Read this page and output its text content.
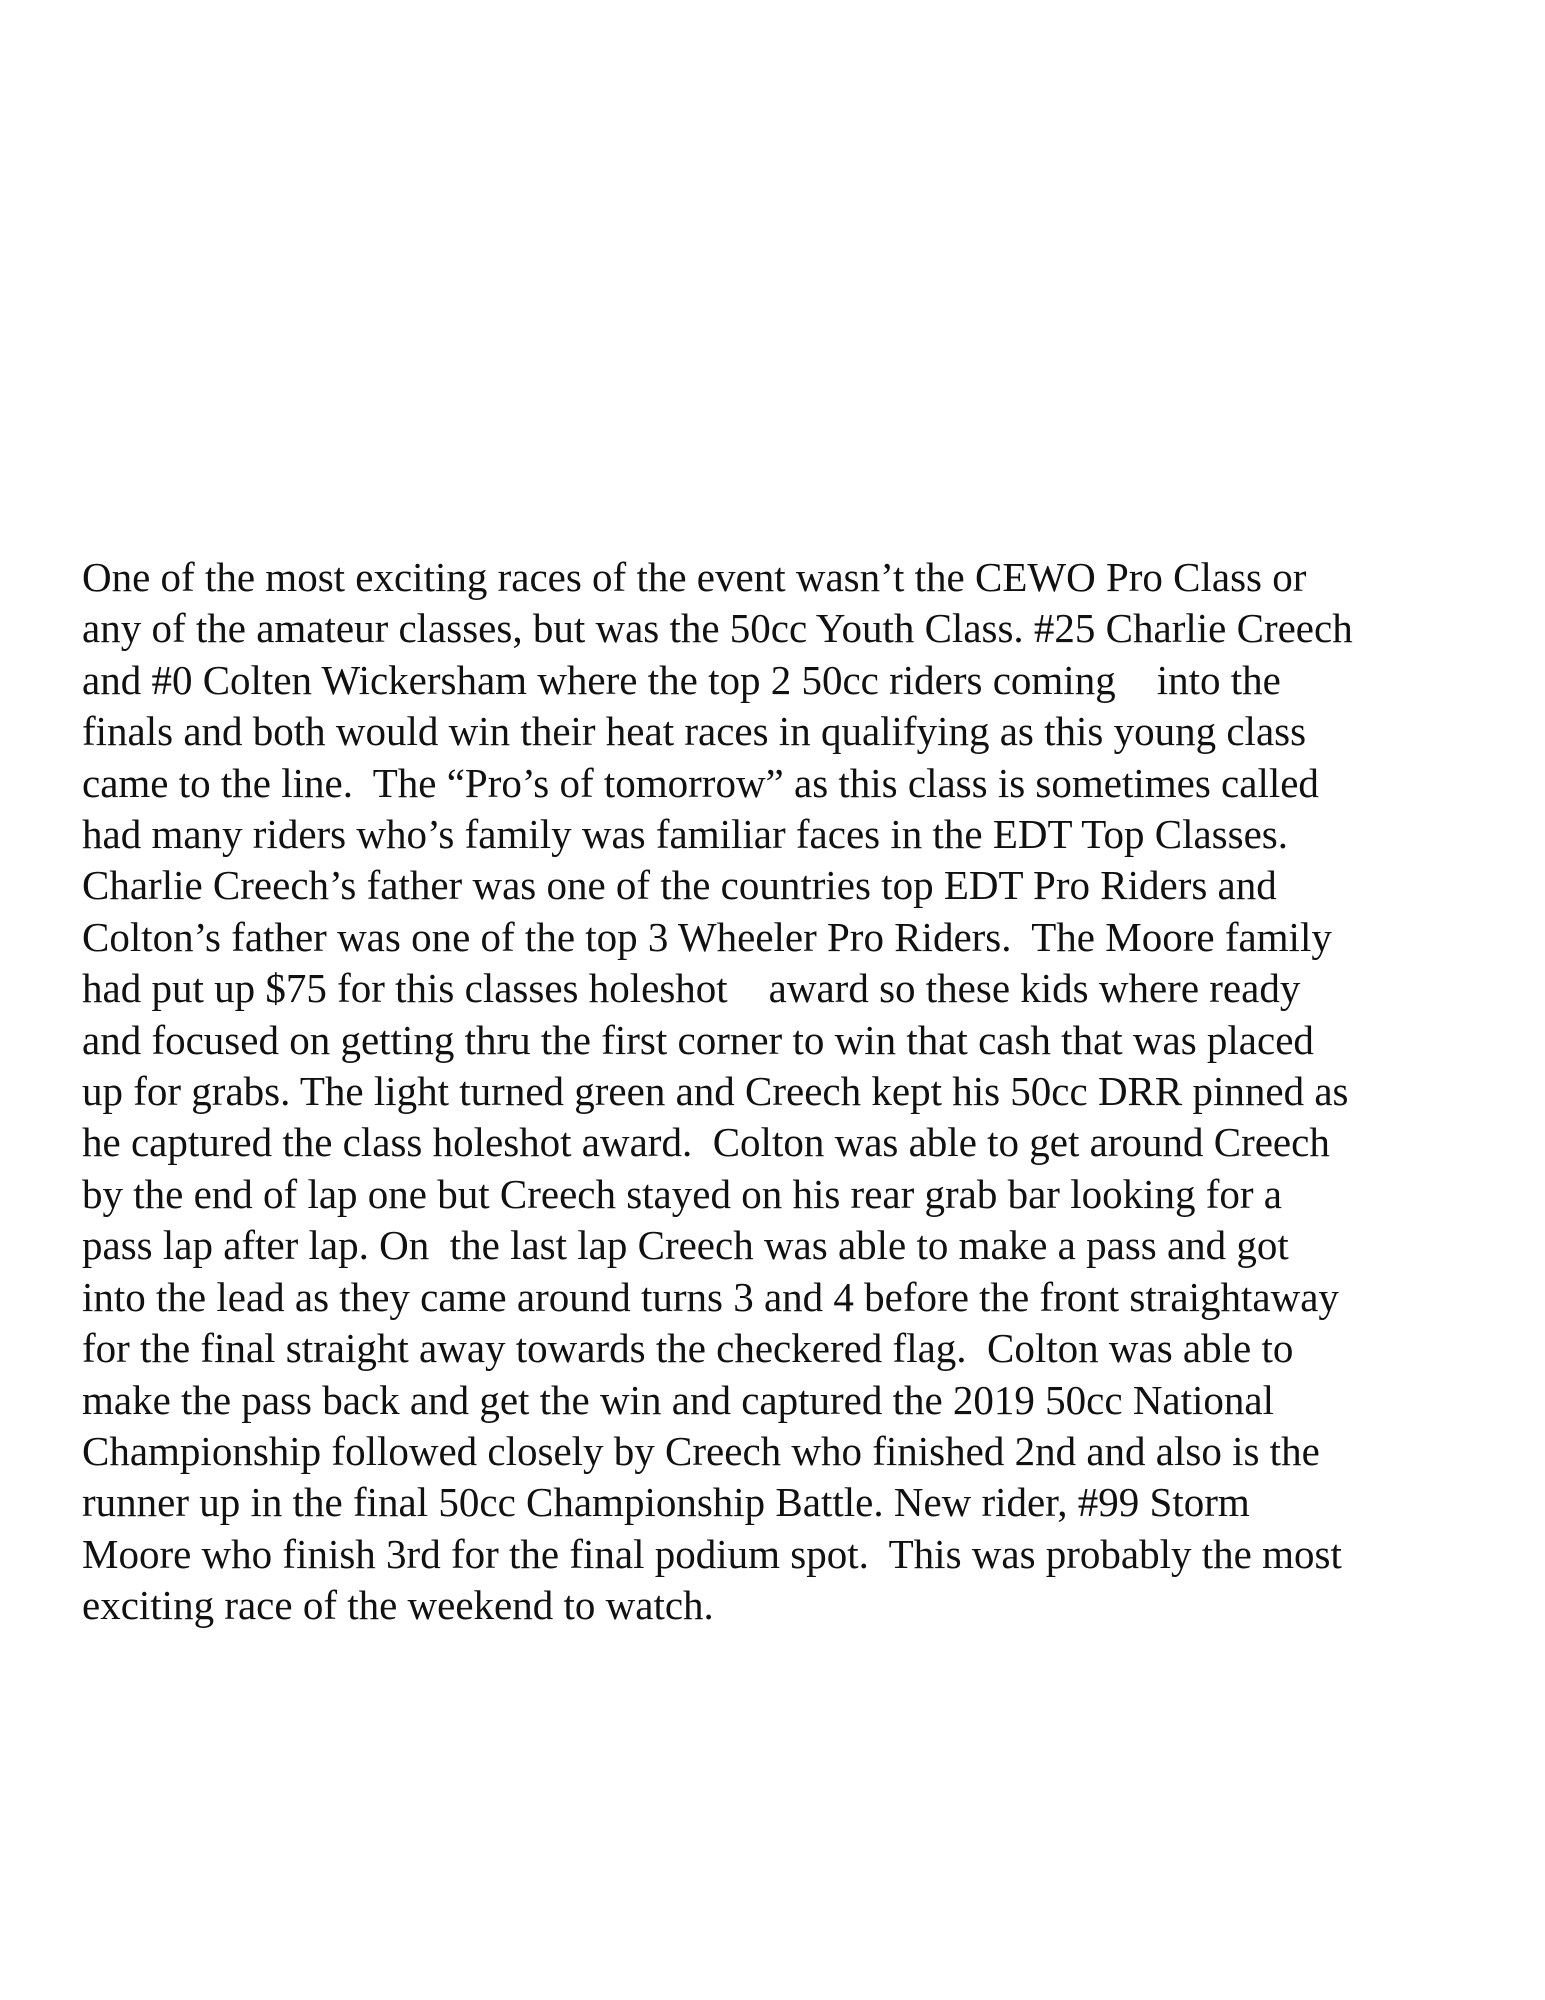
One of the most exciting races of the event wasn’t the CEWO Pro Class or
any of the amateur classes, but was the 50cc Youth Class. #25 Charlie Creech
and #0 Colten Wickersham where the top 2 50cc riders coming    into the
finals and both would win their heat races in qualifying as this young class
came to the line.  The “Pro’s of tomorrow” as this class is sometimes called
had many riders who’s family was familiar faces in the EDT Top Classes.
Charlie Creech’s father was one of the countries top EDT Pro Riders and
Colton’s father was one of the top 3 Wheeler Pro Riders.  The Moore family
had put up $75 for this classes holeshot    award so these kids where ready
and focused on getting thru the first corner to win that cash that was placed
up for grabs. The light turned green and Creech kept his 50cc DRR pinned as
he captured the class holeshot award.  Colton was able to get around Creech
by the end of lap one but Creech stayed on his rear grab bar looking for a
pass lap after lap. On  the last lap Creech was able to make a pass and got
into the lead as they came around turns 3 and 4 before the front straightaway
for the final straight away towards the checkered flag.  Colton was able to
make the pass back and get the win and captured the 2019 50cc National
Championship followed closely by Creech who finished 2nd and also is the
runner up in the final 50cc Championship Battle. New rider, #99 Storm
Moore who finish 3rd for the final podium spot.  This was probably the most
exciting race of the weekend to watch.
